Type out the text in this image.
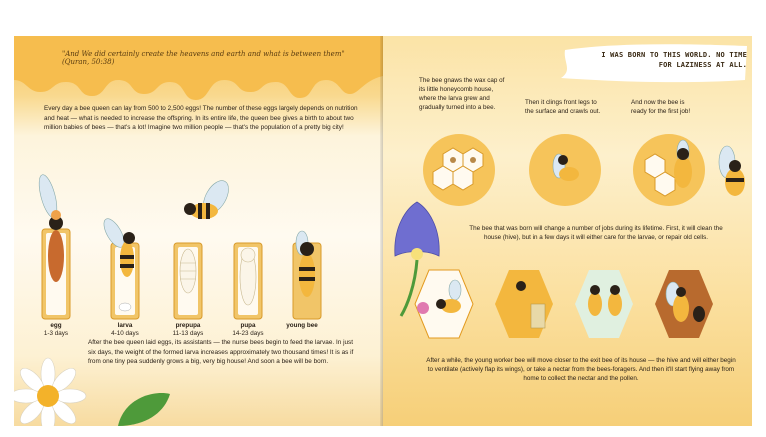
"And We did certainly create the heavens and earth and what is between them" (Quran, 50:38)
Every day a bee queen can lay from 500 to 2,500 eggs! The number of these eggs largely depends on nutrition and heat — what is needed to increase the offspring. In its entire life, the queen bee gives a birth to about two million babies of bees — that's a lot! Imagine two million people — that's the population of a pretty big city!
egg
1-3 days
larva
4-10 days
prepupa
11-13 days
pupa
14-23 days
young bee
After the bee queen laid eggs, its assistants — the nurse bees begin to feed the larvae. In just six days, the weight of the formed larva increases approximately two thousand times! It is as if from one tiny pea suddenly grows a big, very big house! And soon a bee will be born.
I WAS BORN TO THIS WORLD. NO TIME FOR LAZINESS AT ALL.
The bee gnaws the wax cap of its little honeycomb house, where the larva grew and gradually turned into a bee.
Then it clings front legs to the surface and crawls out.
And now the bee is ready for the first job!
The bee that was born will change a number of jobs during its lifetime. First, it will clean the house (hive), but in a few days it will either care for the larvae, or repair old cells.
After a while, the young worker bee will move closer to the exit bee of its house — the hive and will either begin to ventilate (actively flap its wings), or take a nectar from the bees-foragers. And then it'll start flying away from home to collect the nectar and the pollen.
